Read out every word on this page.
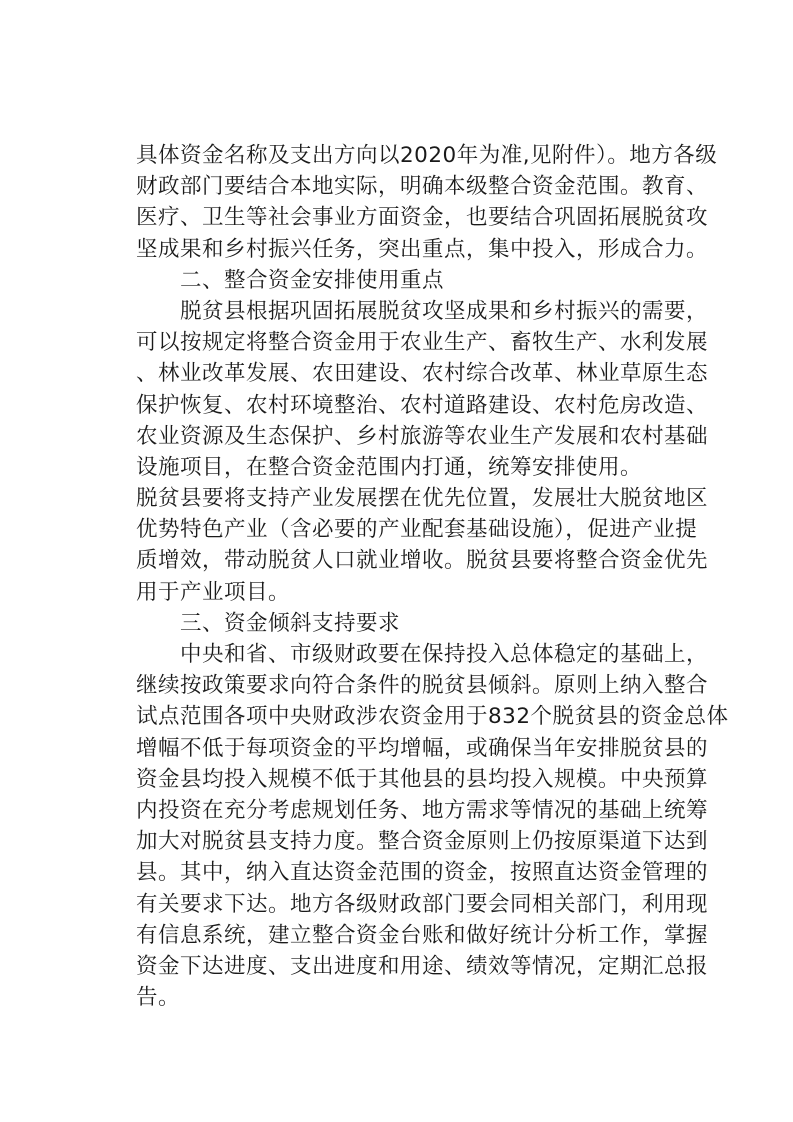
具体资金名称及支出方向以2020年为准,见附件）。地方各级
财政部门要结合本地实际，明确本级整合资金范围。教育、
医疗、卫生等社会事业方面资金，也要结合巩固拓展脱贫攻
坚成果和乡村振兴任务，突出重点，集中投入，形成合力。
　　二、整合资金安排使用重点
　　脱贫县根据巩固拓展脱贫攻坚成果和乡村振兴的需要，
可以按规定将整合资金用于农业生产、畜牧生产、水利发展
、林业改革发展、农田建设、农村综合改革、林业草原生态
保护恢复、农村环境整治、农村道路建设、农村危房改造、
农业资源及生态保护、乡村旅游等农业生产发展和农村基础
设施项目，在整合资金范围内打通，统筹安排使用。
脱贫县要将支持产业发展摆在优先位置，发展壮大脱贫地区
优势特色产业（含必要的产业配套基础设施），促进产业提
质增效，带动脱贫人口就业增收。脱贫县要将整合资金优先
用于产业项目。
　　三、资金倾斜支持要求
　　中央和省、市级财政要在保持投入总体稳定的基础上，
继续按政策要求向符合条件的脱贫县倾斜。原则上纳入整合
试点范围各项中央财政涉农资金用于832个脱贫县的资金总体
增幅不低于每项资金的平均增幅，或确保当年安排脱贫县的
资金县均投入规模不低于其他县的县均投入规模。中央预算
内投资在充分考虑规划任务、地方需求等情况的基础上统筹
加大对脱贫县支持力度。整合资金原则上仍按原渠道下达到
县。其中，纳入直达资金范围的资金，按照直达资金管理的
有关要求下达。地方各级财政部门要会同相关部门，利用现
有信息系统，建立整合资金台账和做好统计分析工作，掌握
资金下达进度、支出进度和用途、绩效等情况，定期汇总报
告。
